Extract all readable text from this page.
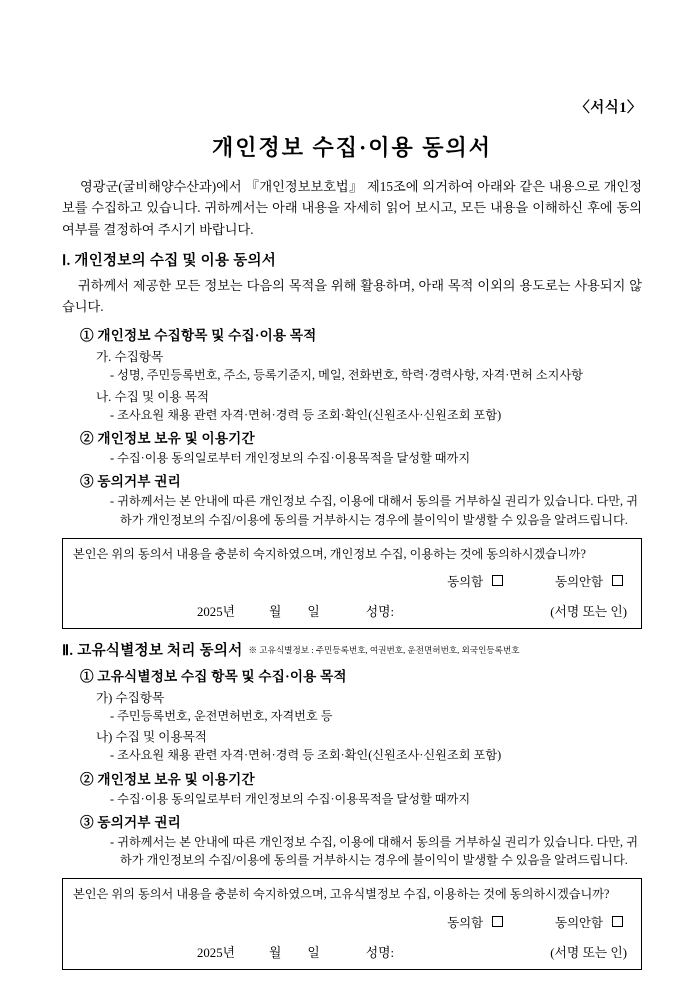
〈서식1〉
개인정보 수집·이용 동의서
영광군(굴비해양수산과)에서 『개인정보보호법』 제15조에 의거하여 아래와 같은 내용으로 개인정보를 수집하고 있습니다. 귀하께서는 아래 내용을 자세히 읽어 보시고, 모든 내용을 이해하신 후에 동의 여부를 결정하여 주시기 바랍니다.
Ⅰ. 개인정보의 수집 및 이용 동의서
귀하께서 제공한 모든 정보는 다음의 목적을 위해 활용하며, 아래 목적 이외의 용도로는 사용되지 않습니다.
① 개인정보 수집항목 및 수집·이용 목적
가. 수집항목
- 성명, 주민등록번호, 주소, 등록기준지, 메일, 전화번호, 학력·경력사항, 자격·면허 소지사항
나. 수집 및 이용 목적
- 조사요원 채용 관련 자격·면허·경력 등 조회·확인(신원조사·신원조회 포함)
② 개인정보 보유 및 이용기간
- 수집·이용 동의일로부터 개인정보의 수집·이용목적을 달성할 때까지
③ 동의거부 권리
- 귀하께서는 본 안내에 따른 개인정보 수집, 이용에 대해서 동의를 거부하실 권리가 있습니다. 다만, 귀하가 개인정보의 수집/이용에 동의를 거부하시는 경우에 불이익이 발생할 수 있음을 알려드립니다.
본인은 위의 동의서 내용을 충분히 숙지하였으며, 개인정보 수집, 이용하는 것에 동의하시겠습니까?
동의함	동의안함
2025년	월	일	성명:	(서명 또는 인)
Ⅱ. 고유식별정보 처리 동의서 ※ 고유식별정보 : 주민등록번호, 여권번호, 운전면허번호, 외국인등록번호
① 고유식별정보 수집 항목 및 수집·이용 목적
가) 수집항목
- 주민등록번호, 운전면허번호, 자격번호 등
나) 수집 및 이용목적
- 조사요원 채용 관련 자격·면허·경력 등 조회·확인(신원조사·신원조회 포함)
② 개인정보 보유 및 이용기간
- 수집·이용 동의일로부터 개인정보의 수집·이용목적을 달성할 때까지
③ 동의거부 권리
- 귀하께서는 본 안내에 따른 개인정보 수집, 이용에 대해서 동의를 거부하실 권리가 있습니다. 다만, 귀하가 개인정보의 수집/이용에 동의를 거부하시는 경우에 불이익이 발생할 수 있음을 알려드립니다.
본인은 위의 동의서 내용을 충분히 숙지하였으며, 고유식별정보 수집, 이용하는 것에 동의하시겠습니까?
동의함	동의안함
2025년	월	일	성명:	(서명 또는 인)
